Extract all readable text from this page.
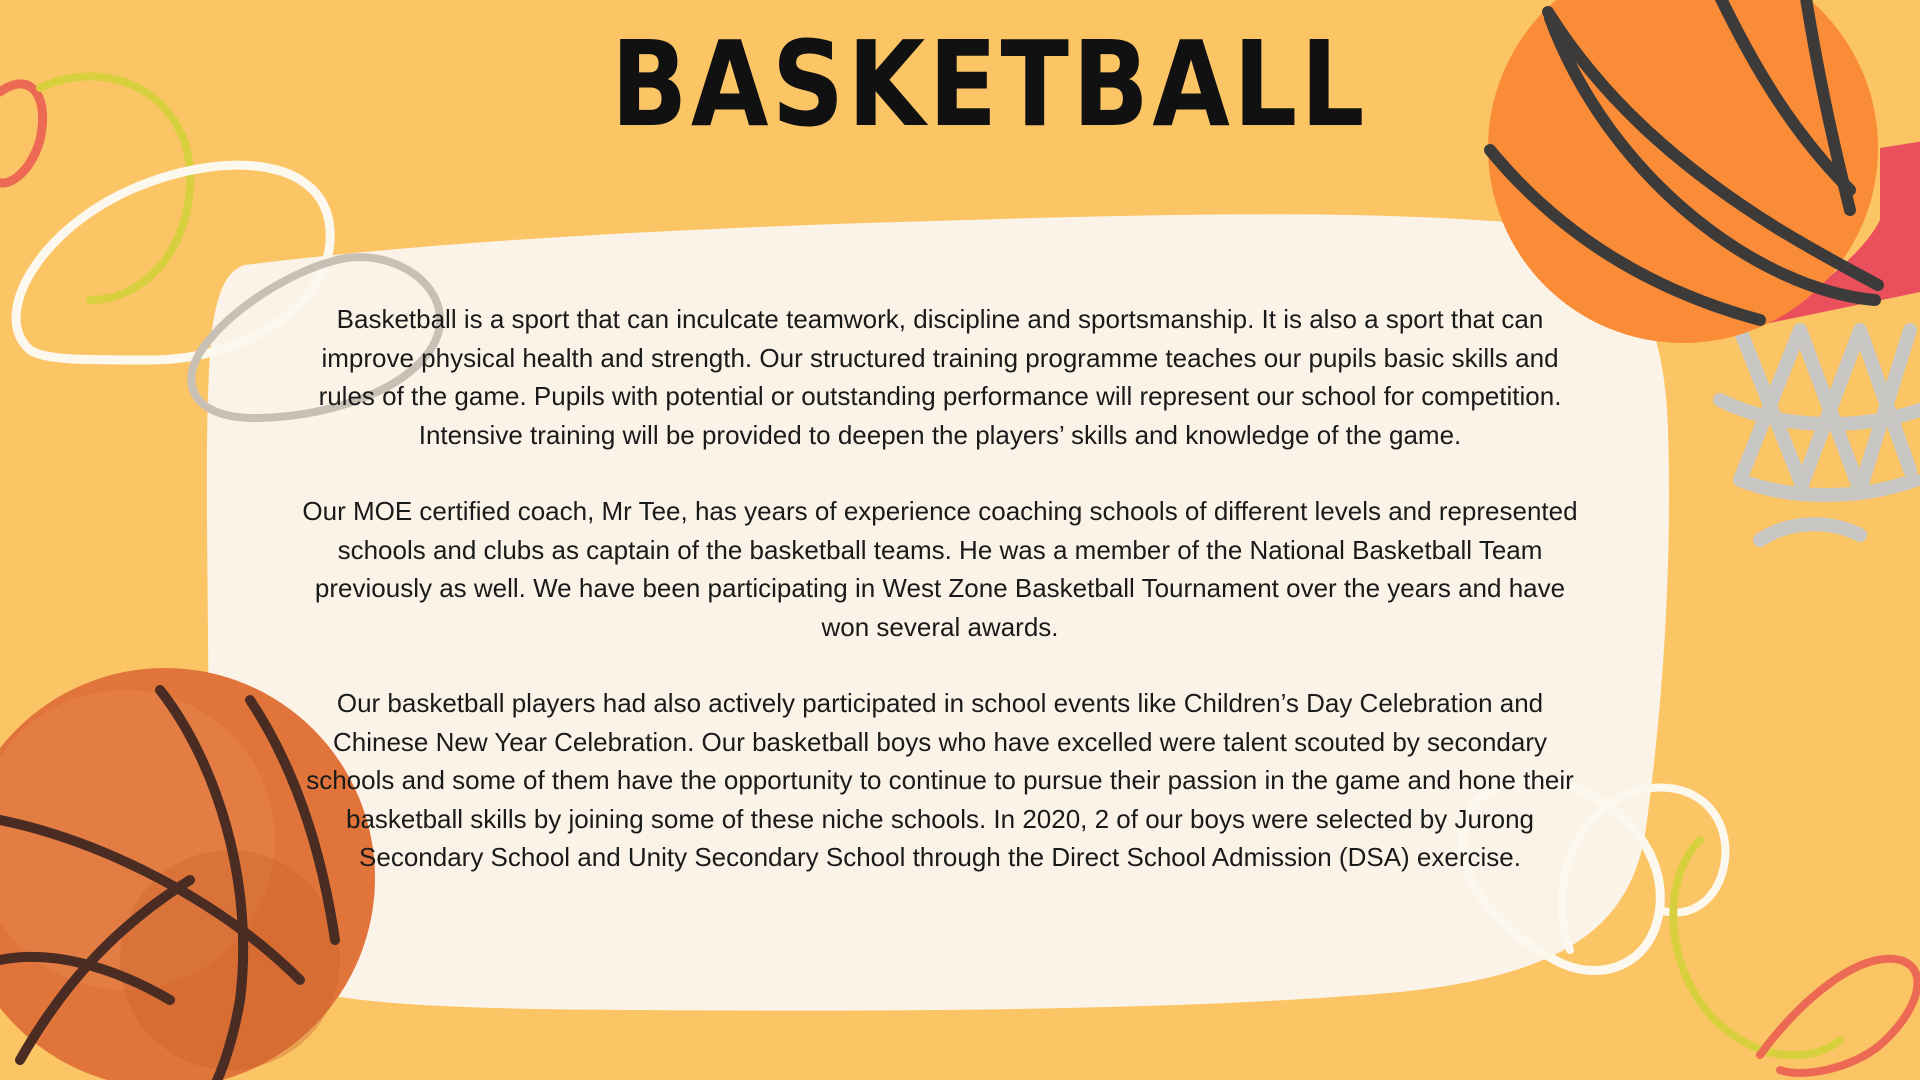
BASKETBALL

Basketball is a sport that can inculcate teamwork, discipline and sportsmanship. It is also a sport that can improve physical health and strength. Our structured training programme teaches our pupils basic skills and rules of the game. Pupils with potential or outstanding performance will represent our school for competition. Intensive training will be provided to deepen the players’ skills and knowledge of the game.

Our MOE certified coach, Mr Tee, has years of experience coaching schools of different levels and represented schools and clubs as captain of the basketball teams. He was a member of the National Basketball Team previously as well. We have been participating in West Zone Basketball Tournament over the years and have won several awards.

Our basketball players had also actively participated in school events like Children’s Day Celebration and Chinese New Year Celebration. Our basketball boys who have excelled were talent scouted by secondary schools and some of them have the opportunity to continue to pursue their passion in the game and hone their basketball skills by joining some of these niche schools. In 2020, 2 of our boys were selected by Jurong Secondary School and Unity Secondary School through the Direct School Admission (DSA) exercise.
